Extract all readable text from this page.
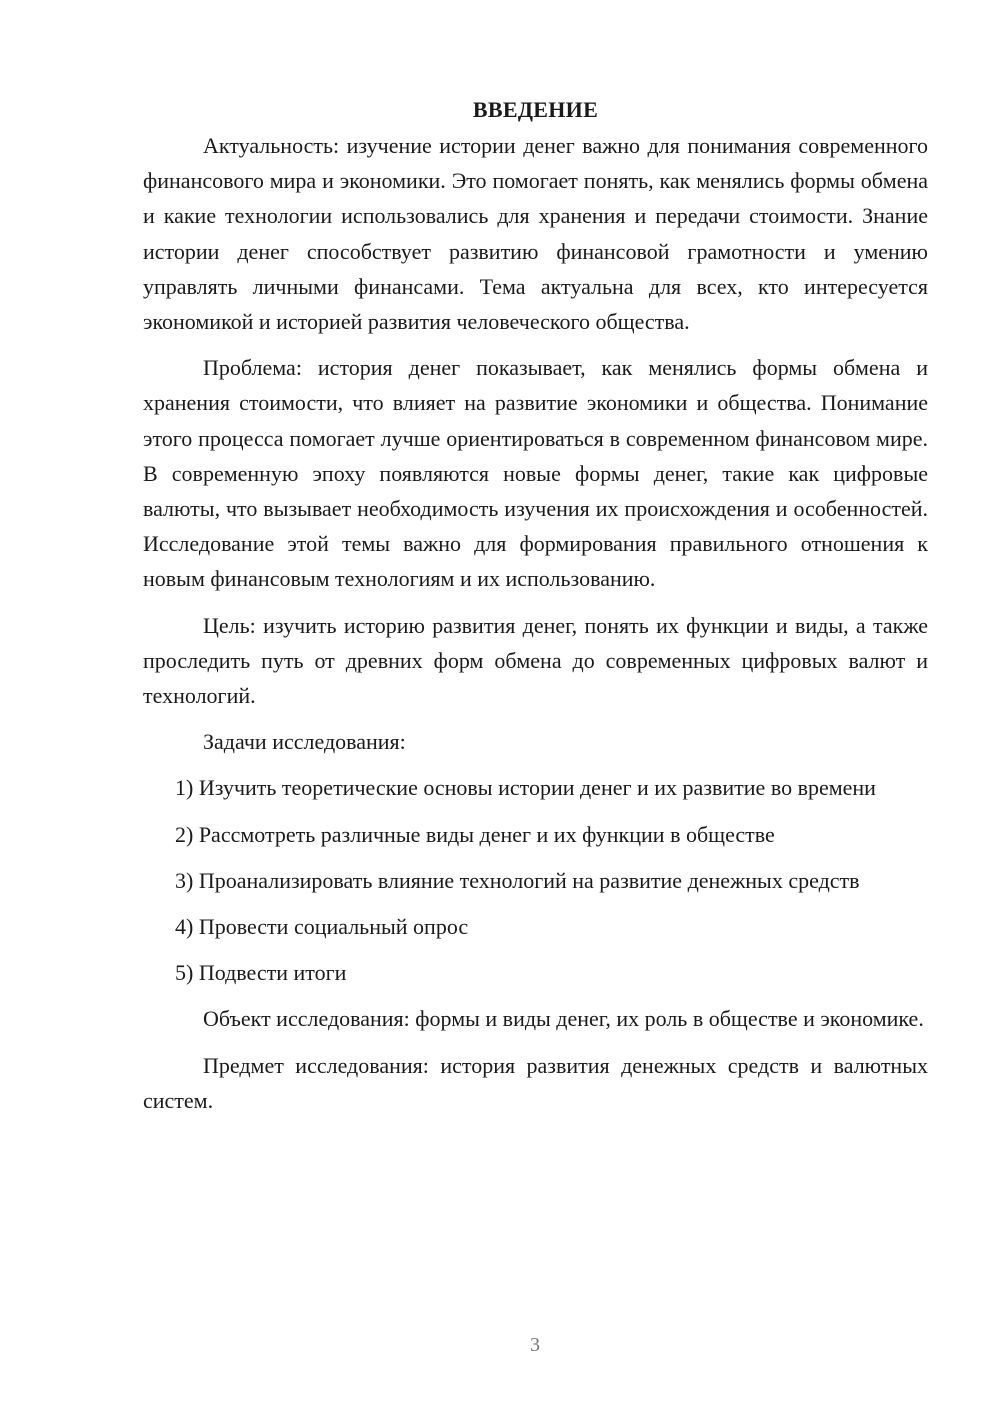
ВВЕДЕНИЕ

Актуальность: изучение истории денег важно для понимания современного финансового мира и экономики. Это помогает понять, как менялись формы обмена и какие технологии использовались для хранения и передачи стоимости. Знание истории денег способствует развитию финансовой грамотности и умению управлять личными финансами. Тема актуальна для всех, кто интересуется экономикой и историей развития человеческого общества.

Проблема: история денег показывает, как менялись формы обмена и хранения стоимости, что влияет на развитие экономики и общества. Понимание этого процесса помогает лучше ориентироваться в современном финансовом мире. В современную эпоху появляются новые формы денег, такие как цифровые валюты, что вызывает необходимость изучения их происхождения и особенностей. Исследование этой темы важно для формирования правильного отношения к новым финансовым технологиям и их использованию.

Цель: изучить историю развития денег, понять их функции и виды, а также проследить путь от древних форм обмена до современных цифровых валют и технологий.

Задачи исследования:

1) Изучить теоретические основы истории денег и их развитие во времени

2) Рассмотреть различные виды денег и их функции в обществе

3) Проанализировать влияние технологий на развитие денежных средств

4) Провести социальный опрос

5) Подвести итоги

Объект исследования: формы и виды денег, их роль в обществе и экономике.

Предмет исследования: история развития денежных средств и валютных систем.

3
